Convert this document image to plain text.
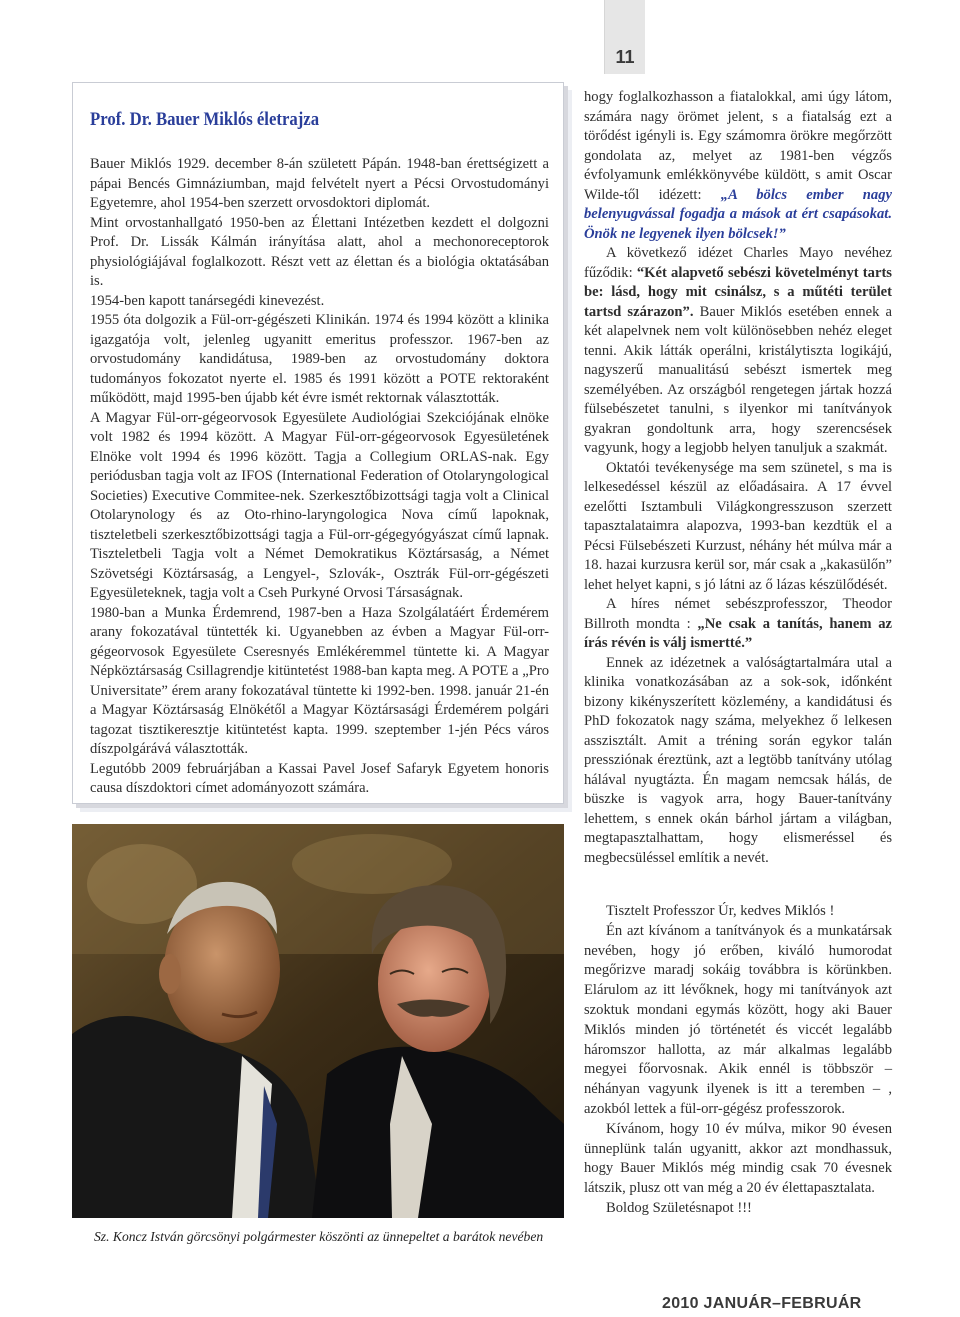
11
Prof. Dr. Bauer Miklós életrajza

Bauer Miklós 1929. december 8-án született Pápán. 1948-ban érettségizett a pápai Bencés Gimnáziumban, majd felvételt nyert a Pécsi Orvostudományi Egyetemre, ahol 1954-ben szerzett orvosdoktori diplomát.

Mint orvostanhallgató 1950-ben az Élettani Intézetben kezdett el dolgozni Prof. Dr. Lissák Kálmán irányítása alatt, ahol a mechonoreceptorok physiológiájával foglalkozott. Részt vett az élettan és a biológia oktatásában is.

1954-ben kapott tanársegédi kinevezést.

1955 óta dolgozik a Fül-orr-gégészeti Klinikán. 1974 és 1994 között a klinika igazgatója volt, jelenleg ugyanitt emeritus professzor. 1967-ben az orvostudomány kandidátusa, 1989-ben az orvostudomány doktora tudományos fokozatot nyerte el. 1985 és 1991 között a POTE rektoraként működött, majd 1995-ben újabb két évre ismét rektornak választották.

A Magyar Fül-orr-gégeorvosok Egyesülete Audiológiai Szekciójának elnöke volt 1982 és 1994 között. A Magyar Fül-orr-gégeorvosok Egyesületének Elnöke volt 1994 és 1996 között. Tagja a Collegium ORLAS-nak. Egy periódusban tagja volt az IFOS (International Federation of Otolaryngological Societies) Executive Commitee-nek. Szerkesztőbizottsági tagja volt a Clinical Otolarynology és az Oto-rhino-laryngologica Nova című lapoknak, tiszteletbeli szerkesztőbizottsági tagja a Fül-orr-gégegyógyászat című lapnak. Tiszteletbeli Tagja volt a Német Demokratikus Köztársaság, a Német Szövetségi Köztársaság, a Lengyel-, Szlovák-, Osztrák Fül-orr-gégészeti Egyesületeknek, tagja volt a Cseh Purkyné Orvosi Társaságnak.

1980-ban a Munka Érdemrend, 1987-ben a Haza Szolgálatáért Érdemérem arany fokozatával tüntették ki. Ugyanebben az évben a Magyar Fül-orr-gégeorvosok Egyesülete Cseresnyés Emlékéremmel tüntette ki. A Magyar Népköztársaság Csillagrendje kitüntetést 1988-ban kapta meg. A POTE a „Pro Universitate” érem arany fokozatával tüntette ki 1992-ben. 1998. január 21-én a Magyar Köztársaság Elnökétől a Magyar Köztársasági Érdemérem polgári tagozat tisztikeresztje kitüntetést kapta. 1999. szeptember 1-jén Pécs város díszpolgárává választották.

Legutóbb 2009 februárjában a Kassai Pavel Josef Safaryk Egyetem honoris causa díszdoktori címet adományozott számára.

hogy foglalkozhasson a fiatalokkal, ami úgy látom, számára nagy örömet jelent, s a fiatalság ezt a törődést igényli is. Egy számomra örökre megőrzött gondolata az, melyet az 1981-ben végzős évfolyamunk emlékkönyvébe küldött, s amit Oscar Wilde-től idézett: „A bölcs ember nagy belenyugvással fogadja a mások at ért csapásokat. Önök ne legyenek ilyen bölcsek!”

A következő idézet Charles Mayo nevéhez fűződik: “Két alapvető sebészi követelményt tarts be: lásd, hogy mit csinálsz, s a műtéti terület tartsd szárazon”. Bauer Miklós esetében ennek a két alapelvnek nem volt különösebben nehéz eleget tenni. Akik látták operálni, kristálytiszta logikájú, nagyszerű manualitású sebészt ismertek meg személyében. Az országból rengetegen jártak hozzá fülsebészetet tanulni, s ilyenkor mi tanítványok gyakran gondoltunk arra, hogy szerencsések vagyunk, hogy a legjobb helyen tanuljuk a szakmát.

Oktatói tevékenysége ma sem szünetel, s ma is lelkesedéssel készül az előadásaira. A 17 évvel ezelőtti Isztambuli Világkongresszuson szerzett tapasztalataimra alapozva, 1993-ban kezdtük el a Pécsi Fülsebészeti Kurzust, néhány hét múlva már a 18. hazai kurzusra kerül sor, már csak a „kakasülőn” lehet helyet kapni, s jó látni az ő lázas készülődését.

A híres német sebészprofesszor, Theodor Billroth mondta : „Ne csak a tanítás, hanem az írás révén is válj ismertté.”

Ennek az idézetnek a valóságtartalmára utal a klinika vonatkozásában az a sok-sok, időnként bizony kikényszerített közlemény, a kandidátusi és PhD fokozatok nagy száma, melyekhez ő lelkesen asszisztált. Amit a tréning során egykor talán pressziónak éreztünk, azt a legtöbb tanítvány utólag hálával nyugtázta. Én magam nemcsak hálás, de büszke is vagyok arra, hogy Bauer-tanítvány lehettem, s ennek okán bárhol jártam a világban, megtapasztalhattam, hogy elismeréssel és megbecsüléssel említik a nevét.

Tisztelt Professzor Úr, kedves Miklós !

Én azt kívánom a tanítványok és a munkatársak nevében, hogy jó erőben, kiváló humorodat megőrizve maradj sokáig továbbra is körünkben. Elárulom az itt lévőknek, hogy mi tanítványok azt szoktuk mondani egymás között, hogy aki Bauer Miklós minden jó történetét és viccét legalább háromszor hallotta, az már alkalmas legalább megyei főorvosnak. Akik ennél is többször – néhányan vagyunk ilyenek is itt a teremben – , azokból lettek a fül-orr-gégész professzorok.

Kívánom, hogy 10 év múlva, mikor 90 évesen ünneplünk talán ugyanitt, akkor azt mondhassuk, hogy Bauer Miklós még mindig csak 70 évesnek látszik, plusz ott van még a 20 év élettapasztalata.

Boldog Születésnapot !!!

Sz. Koncz István görcsönyi polgármester köszönti az ünnepeltet a barátok nevében
2010 JANUÁR–FEBRUÁR
